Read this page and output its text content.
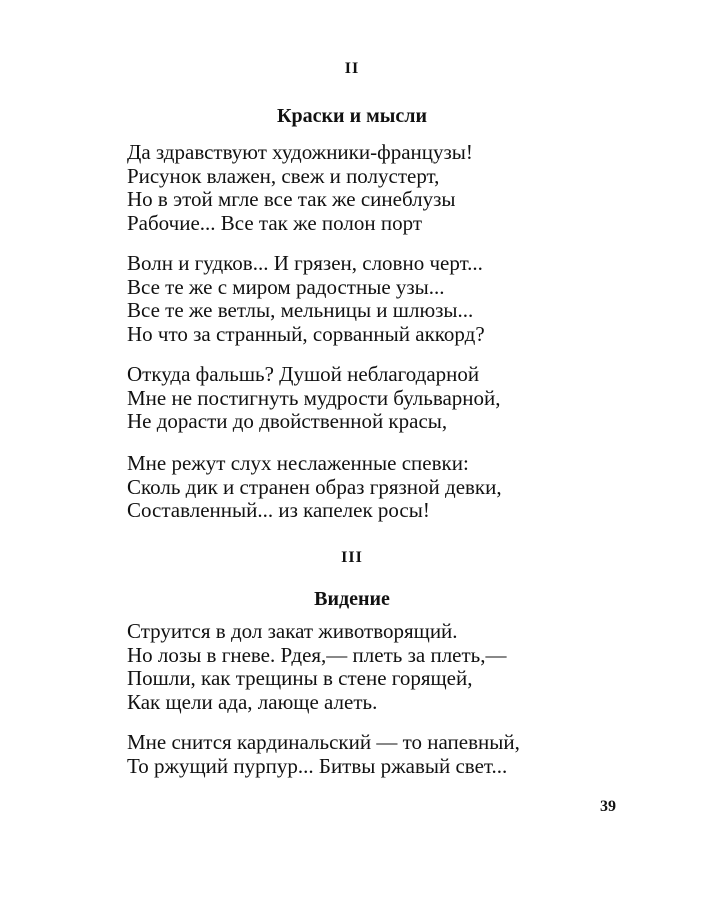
II
Краски и мысли
Да здравствуют художники-французы!
Рисунок влажен, свеж и полустерт,
Но в этой мгле все так же синеблузы
Рабочие... Все так же полон порт
Волн и гудков... И грязен, словно черт...
Все те же с миром радостные узы...
Все те же ветлы, мельницы и шлюзы...
Но что за странный, сорванный аккорд?
Откуда фальшь? Душой неблагодарной
Мне не постигнуть мудрости бульварной,
Не дорасти до двойственной красы,
Мне режут слух неслаженные спевки:
Сколь дик и странен образ грязной девки,
Составленный... из капелек росы!
III
Видение
Струится в дол закат животворящий.
Но лозы в гневе. Рдея,— плеть за плеть,—
Пошли, как трещины в стене горящей,
Как щели ада, лающе алеть.
Мне снится кардинальский — то напевный,
То ржущий пурпур... Битвы ржавый свет...
39
